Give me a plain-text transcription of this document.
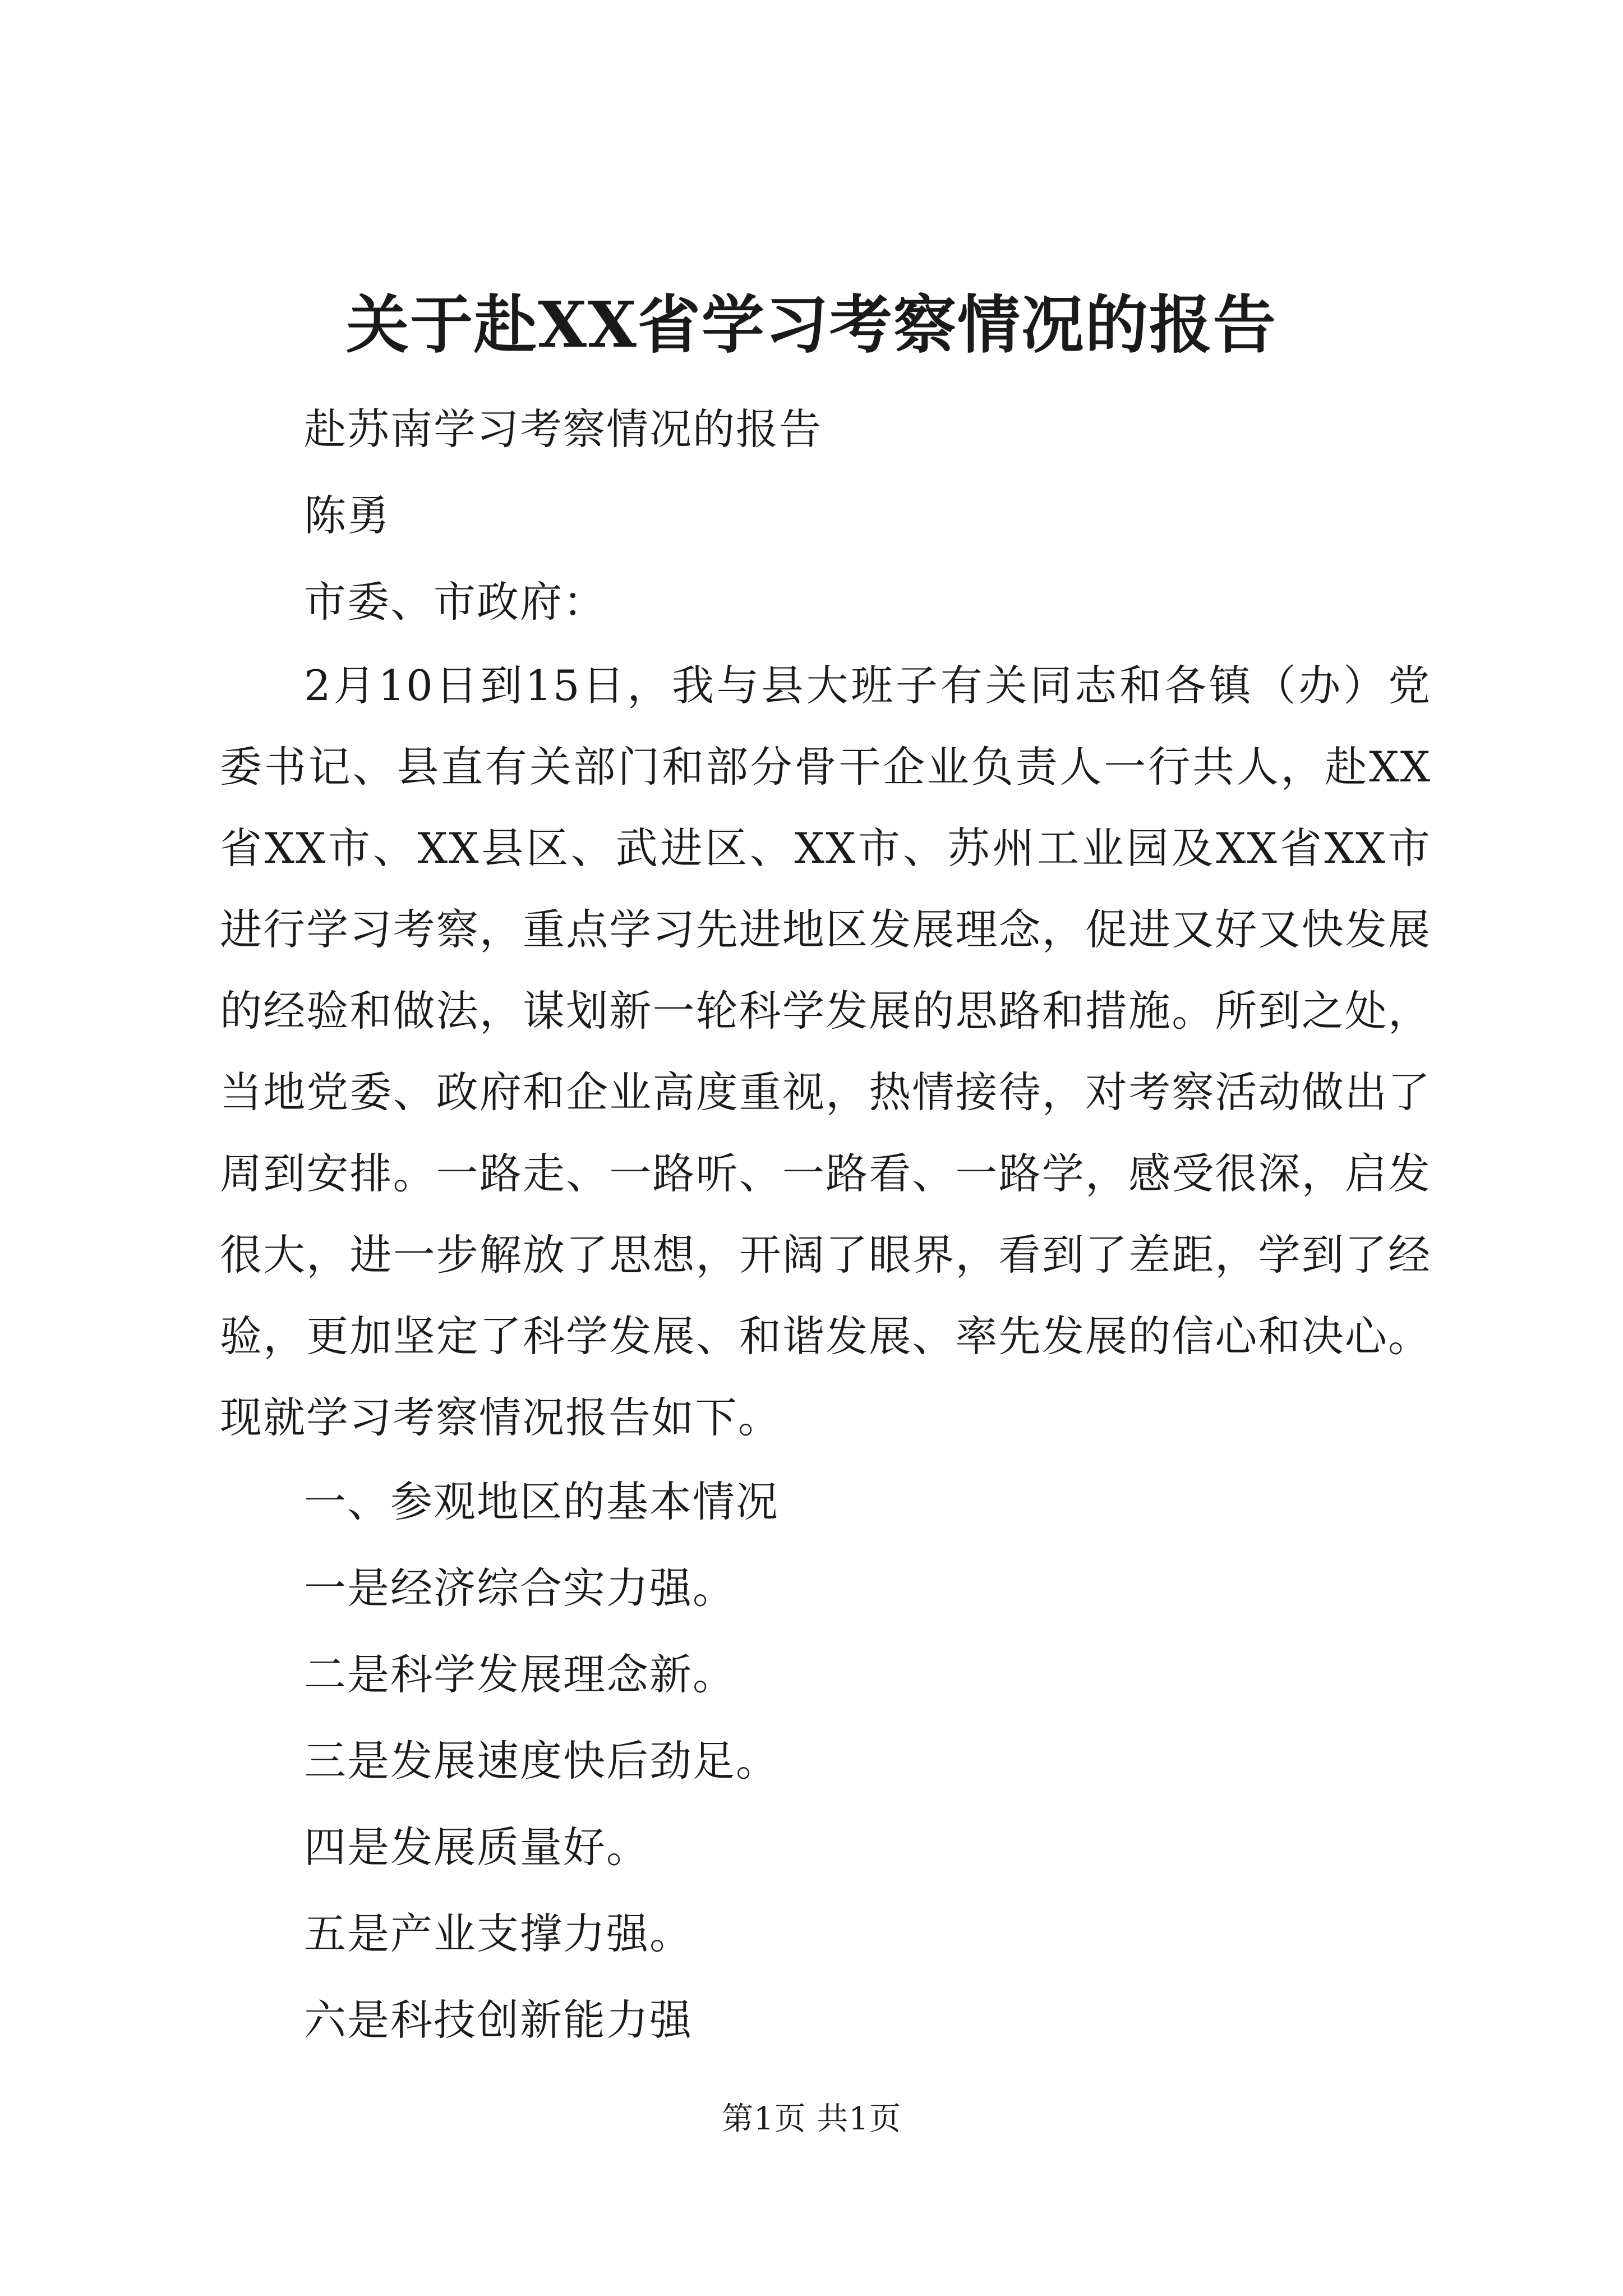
关于赴XX省学习考察情况的报告
赴苏南学习考察情况的报告
陈勇
市委、市政府：

2月10日到15日，我与县大班子有关同志和各镇（办）党委书记、县直有关部门和部分骨干企业负责人一行共人，赴XX省XX市、XX县区、武进区、XX市、苏州工业园及XX省XX市进行学习考察，重点学习先进地区发展理念，促进又好又快发展的经验和做法，谋划新一轮科学发展的思路和措施。所到之处，当地党委、政府和企业高度重视，热情接待，对考察活动做出了周到安排。一路走、一路听、一路看、一路学，感受很深，启发很大，进一步解放了思想，开阔了眼界，看到了差距，学到了经验，更加坚定了科学发展、和谐发展、率先发展的信心和决心。现就学习考察情况报告如下。

一、参观地区的基本情况
一是经济综合实力强。
二是科学发展理念新。
三是发展速度快后劲足。
四是发展质量好。
五是产业支撑力强。
六是科技创新能力强
第1页 共1页
